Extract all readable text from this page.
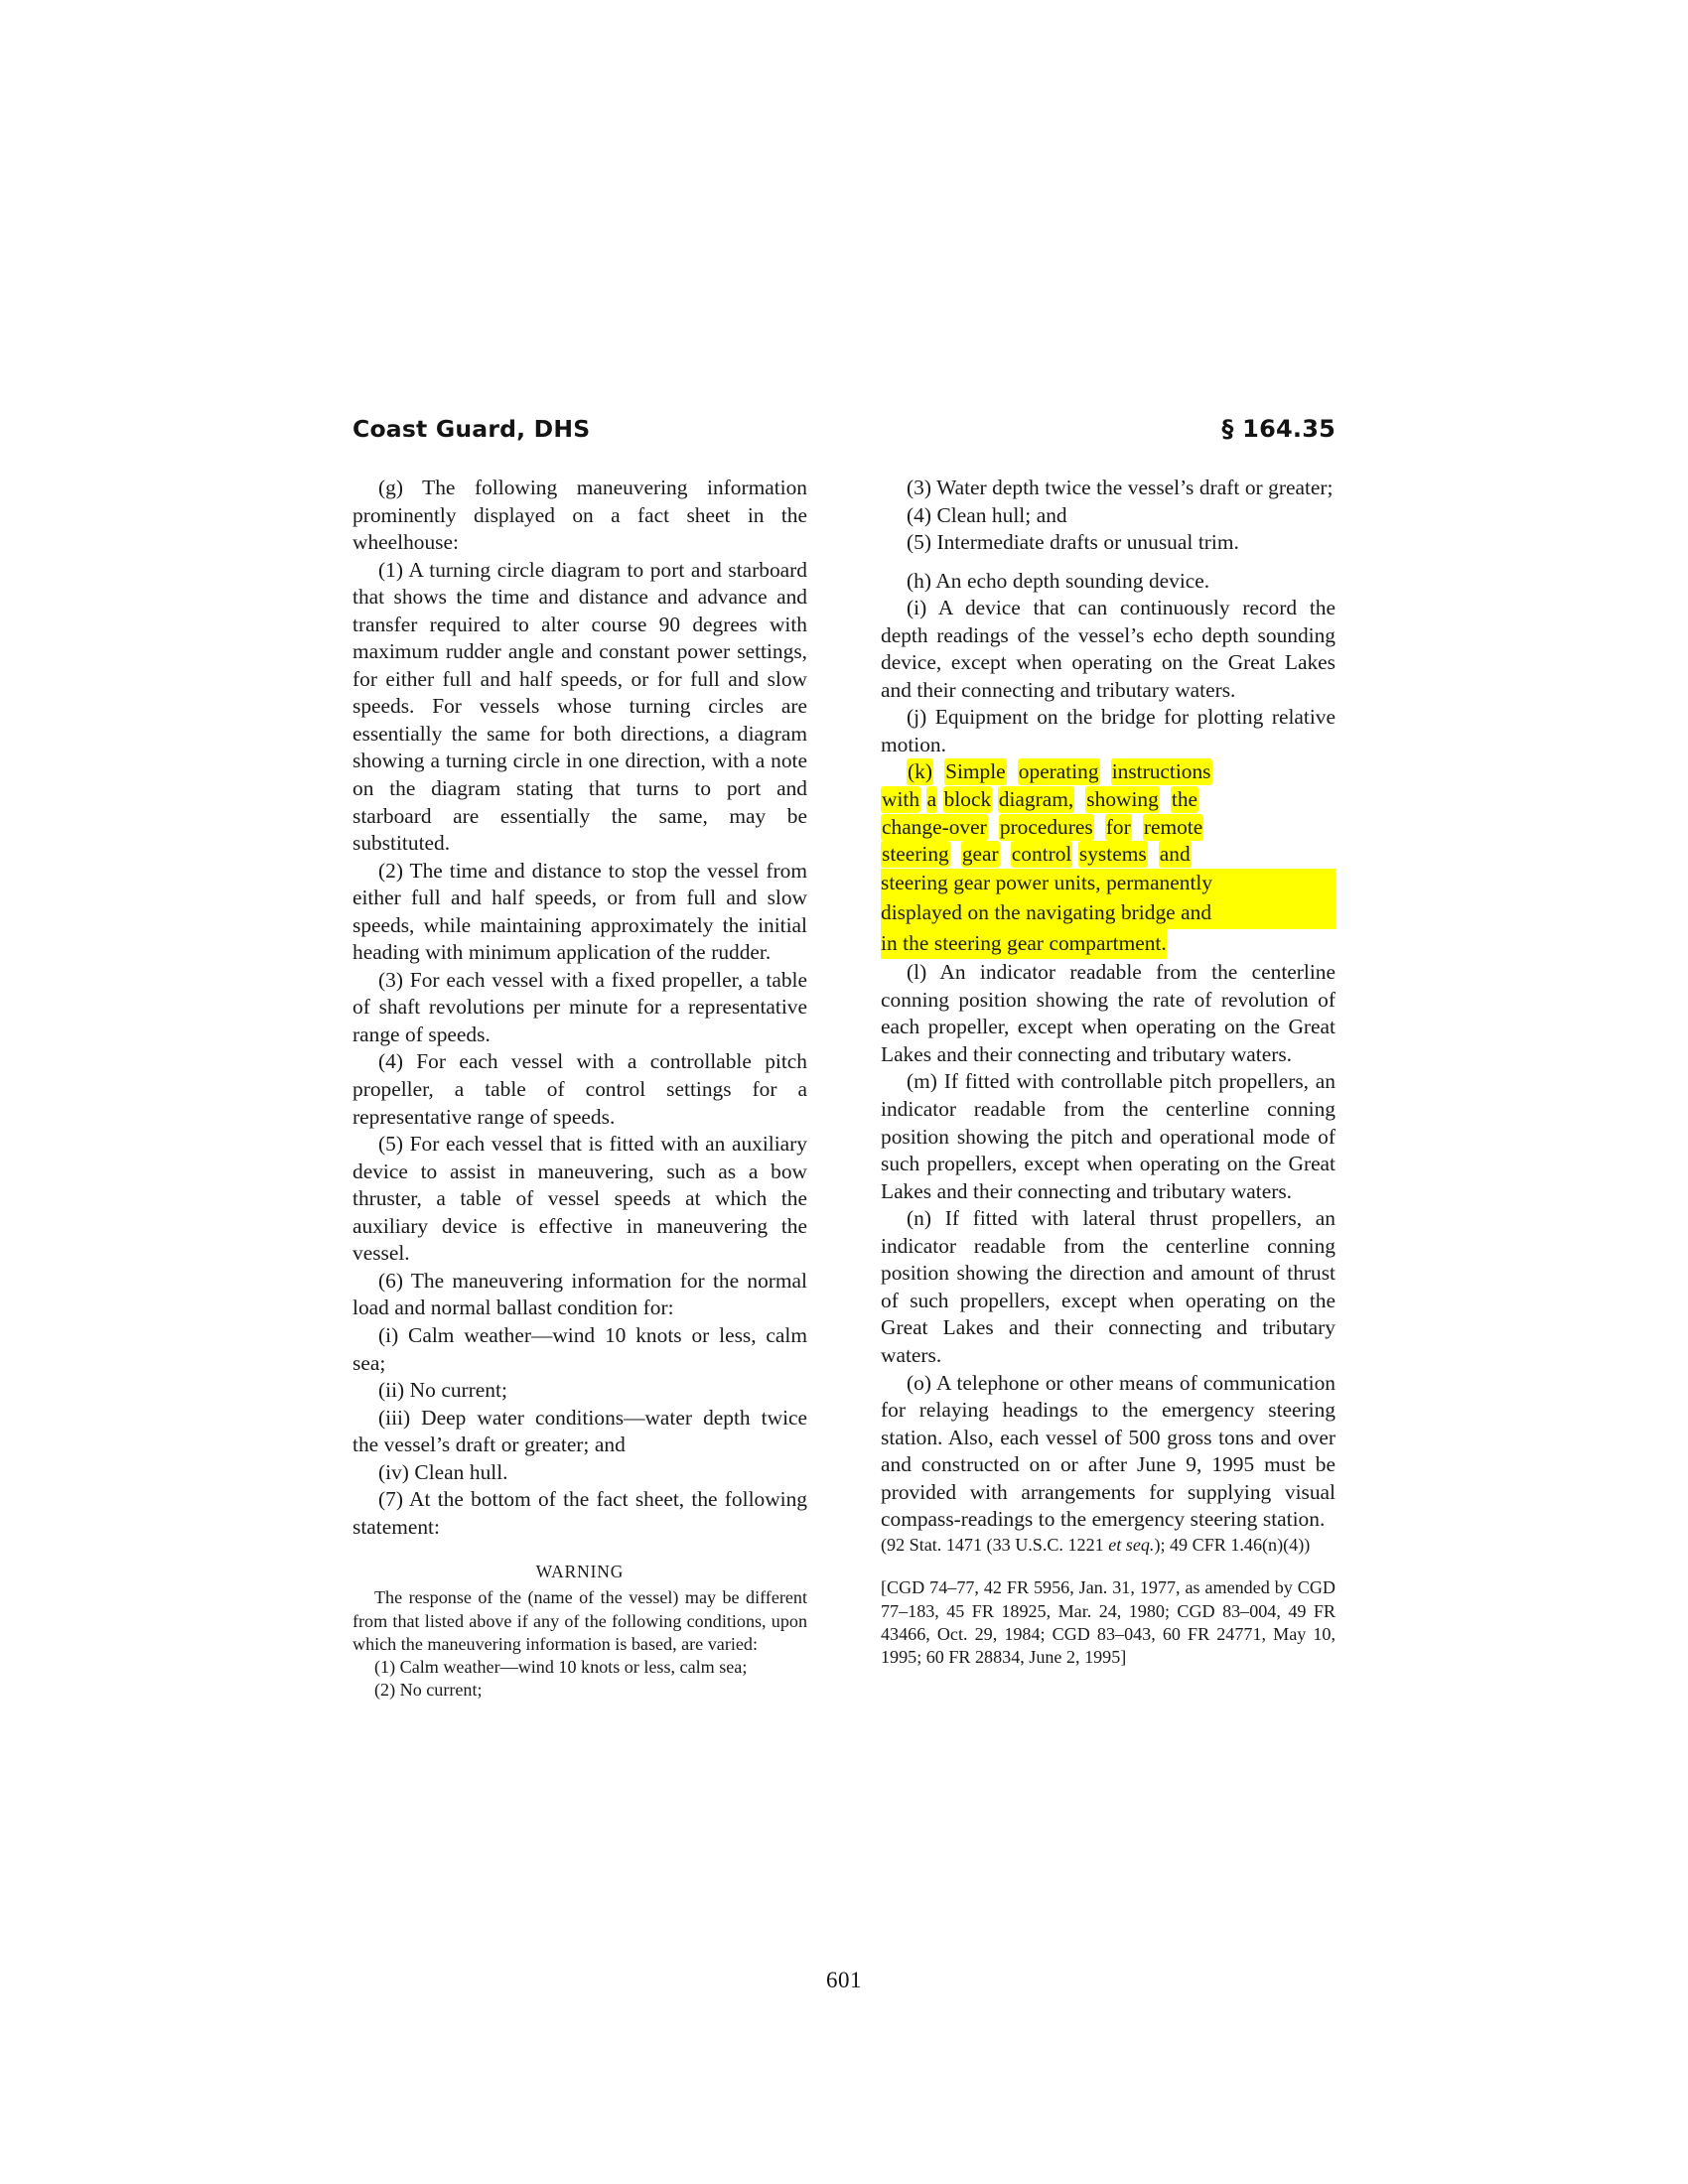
Coast Guard, DHS	§ 164.35

(g) The following maneuvering information prominently displayed on a fact sheet in the wheelhouse:

(1) A turning circle diagram to port and starboard that shows the time and distance and advance and transfer required to alter course 90 degrees with maximum rudder angle and constant power settings, for either full and half speeds, or for full and slow speeds. For vessels whose turning circles are essentially the same for both directions, a diagram showing a turning circle in one direction, with a note on the diagram stating that turns to port and starboard are essentially the same, may be substituted.

(2) The time and distance to stop the vessel from either full and half speeds, or from full and slow speeds, while maintaining approximately the initial heading with minimum application of the rudder.

(3) For each vessel with a fixed propeller, a table of shaft revolutions per minute for a representative range of speeds.

(4) For each vessel with a controllable pitch propeller, a table of control settings for a representative range of speeds.

(5) For each vessel that is fitted with an auxiliary device to assist in maneuvering, such as a bow thruster, a table of vessel speeds at which the auxiliary device is effective in maneuvering the vessel.

(6) The maneuvering information for the normal load and normal ballast condition for:

(i) Calm weather—wind 10 knots or less, calm sea;

(ii) No current;

(iii) Deep water conditions—water depth twice the vessel’s draft or greater; and

(iv) Clean hull.

(7) At the bottom of the fact sheet, the following statement:

WARNING

The response of the (name of the vessel) may be different from that listed above if any of the following conditions, upon which the maneuvering information is based, are varied:

(1) Calm weather—wind 10 knots or less, calm sea;

(2) No current;

(3) Water depth twice the vessel’s draft or greater;

(4) Clean hull; and

(5) Intermediate drafts or unusual trim.

(h) An echo depth sounding device.

(i) A device that can continuously record the depth readings of the vessel’s echo depth sounding device, except when operating on the Great Lakes and their connecting and tributary waters.

(j) Equipment on the bridge for plotting relative motion.

(k) Simple operating instructions
with a block diagram, showing the
change-over procedures for remote
steering gear control systems and
steering gear power units, permanently
displayed on the navigating bridge and
in the steering gear compartment.

(l) An indicator readable from the centerline conning position showing the rate of revolution of each propeller, except when operating on the Great Lakes and their connecting and tributary waters.

(m) If fitted with controllable pitch propellers, an indicator readable from the centerline conning position showing the pitch and operational mode of such propellers, except when operating on the Great Lakes and their connecting and tributary waters.

(n) If fitted with lateral thrust propellers, an indicator readable from the centerline conning position showing the direction and amount of thrust of such propellers, except when operating on the Great Lakes and their connecting and tributary waters.

(o) A telephone or other means of communication for relaying headings to the emergency steering station. Also, each vessel of 500 gross tons and over and constructed on or after June 9, 1995 must be provided with arrangements for supplying visual compass-readings to the emergency steering station.

(92 Stat. 1471 (33 U.S.C. 1221 et seq.); 49 CFR 1.46(n)(4))

[CGD 74–77, 42 FR 5956, Jan. 31, 1977, as amended by CGD 77–183, 45 FR 18925, Mar. 24, 1980; CGD 83–004, 49 FR 43466, Oct. 29, 1984; CGD 83–043, 60 FR 24771, May 10, 1995; 60 FR 28834, June 2, 1995]

601
